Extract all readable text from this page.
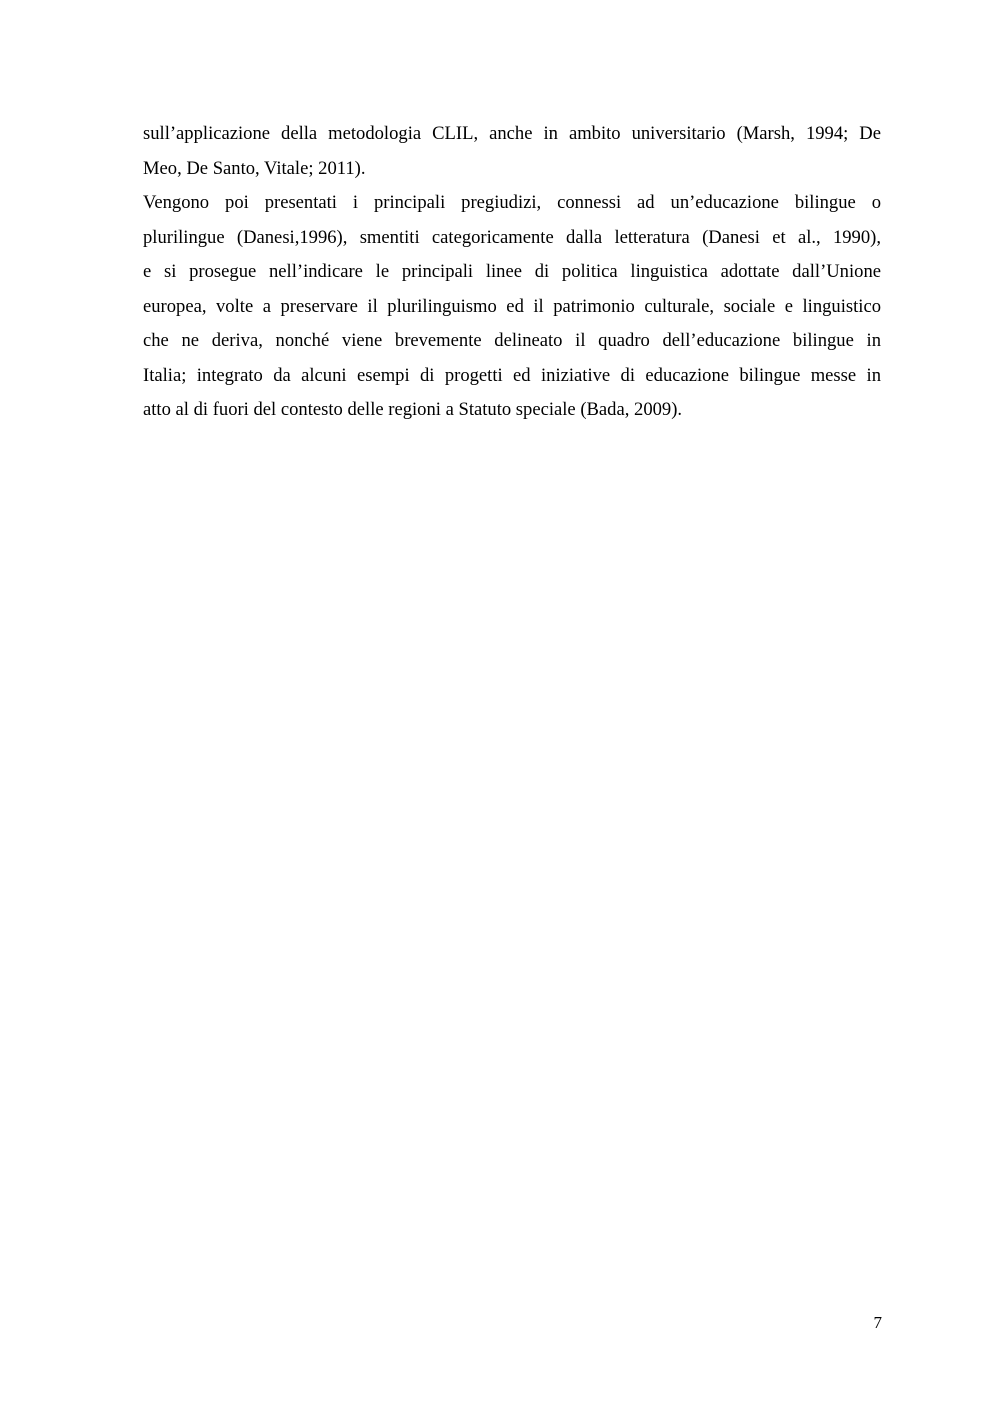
sull’applicazione della metodologia CLIL, anche in ambito universitario (Marsh, 1994; De
Meo, De Santo, Vitale; 2011).
Vengono poi presentati i principali pregiudizi, connessi ad un’educazione bilingue o
plurilingue (Danesi,1996), smentiti categoricamente dalla letteratura (Danesi et al., 1990),
e si prosegue nell’indicare le principali linee di politica linguistica adottate dall’Unione
europea, volte a preservare il plurilinguismo ed il patrimonio culturale, sociale e linguistico
che ne deriva, nonché viene brevemente delineato il quadro dell’educazione bilingue in
Italia; integrato da alcuni esempi di progetti ed iniziative di educazione bilingue messe in
atto al di fuori del contesto delle regioni a Statuto speciale (Bada, 2009).
7
